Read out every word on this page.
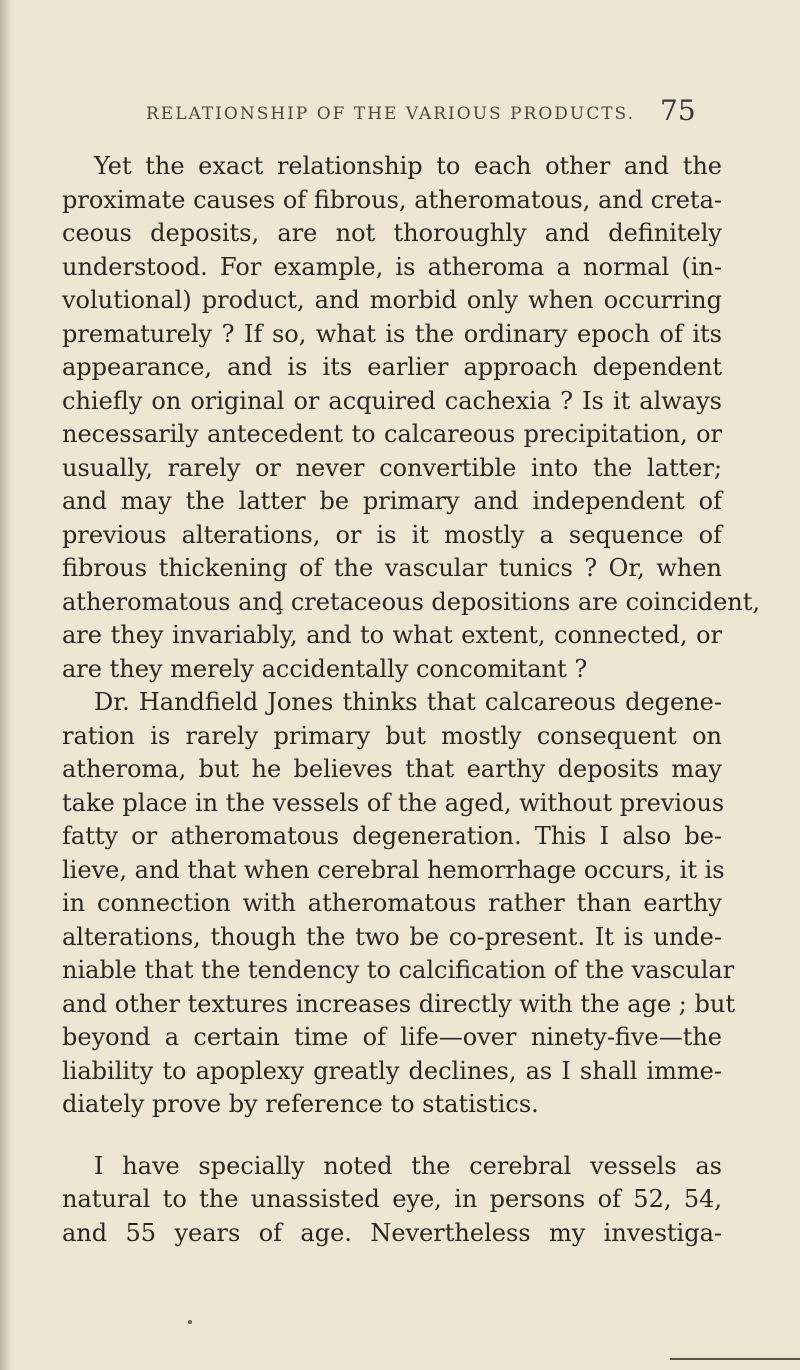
RELATIONSHIP OF THE VARIOUS PRODUCTS. 75
Yet the exact relationship to each other and the
proximate causes of fibrous, atheromatous, and creta-
ceous deposits, are not thoroughly and definitely
understood. For example, is atheroma a normal (in-
volutional) product, and morbid only when occurring
prematurely ? If so, what is the ordinary epoch of its
appearance, and is its earlier approach dependent
chiefly on original or acquired cachexia ? Is it always
necessarily antecedent to calcareous precipitation, or
usually, rarely or never convertible into the latter;
and may the latter be primary and independent of
previous alterations, or is it mostly a sequence of
fibrous thickening of the vascular tunics ? Or, when
atheromatous anḑ cretaceous depositions are coincident,
are they invariably, and to what extent, connected, or
are they merely accidentally concomitant ?
Dr. Handfield Jones thinks that calcareous degene-
ration is rarely primary but mostly consequent on
atheroma, but he believes that earthy deposits may
take place in the vessels of the aged, without previous
fatty or atheromatous degeneration. This I also be-
lieve, and that when cerebral hemorrhage occurs, it is
in connection with atheromatous rather than earthy
alterations, though the two be co-present. It is unde-
niable that the tendency to calcification of the vascular
and other textures increases directly with the age ; but
beyond a certain time of life—over ninety-five—the
liability to apoplexy greatly declines, as I shall imme-
diately prove by reference to statistics.
I have specially noted the cerebral vessels as
natural to the unassisted eye, in persons of 52, 54,
and 55 years of age. Nevertheless my investiga-
